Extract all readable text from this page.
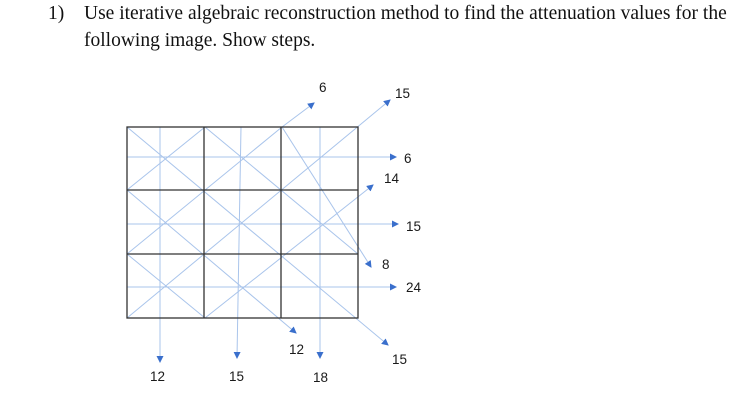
1) Use iterative algebraic reconstruction method to find the attenuation values for the
following image. Show steps.
6	15
6
14
15
8
24
12
15
12	15	18
